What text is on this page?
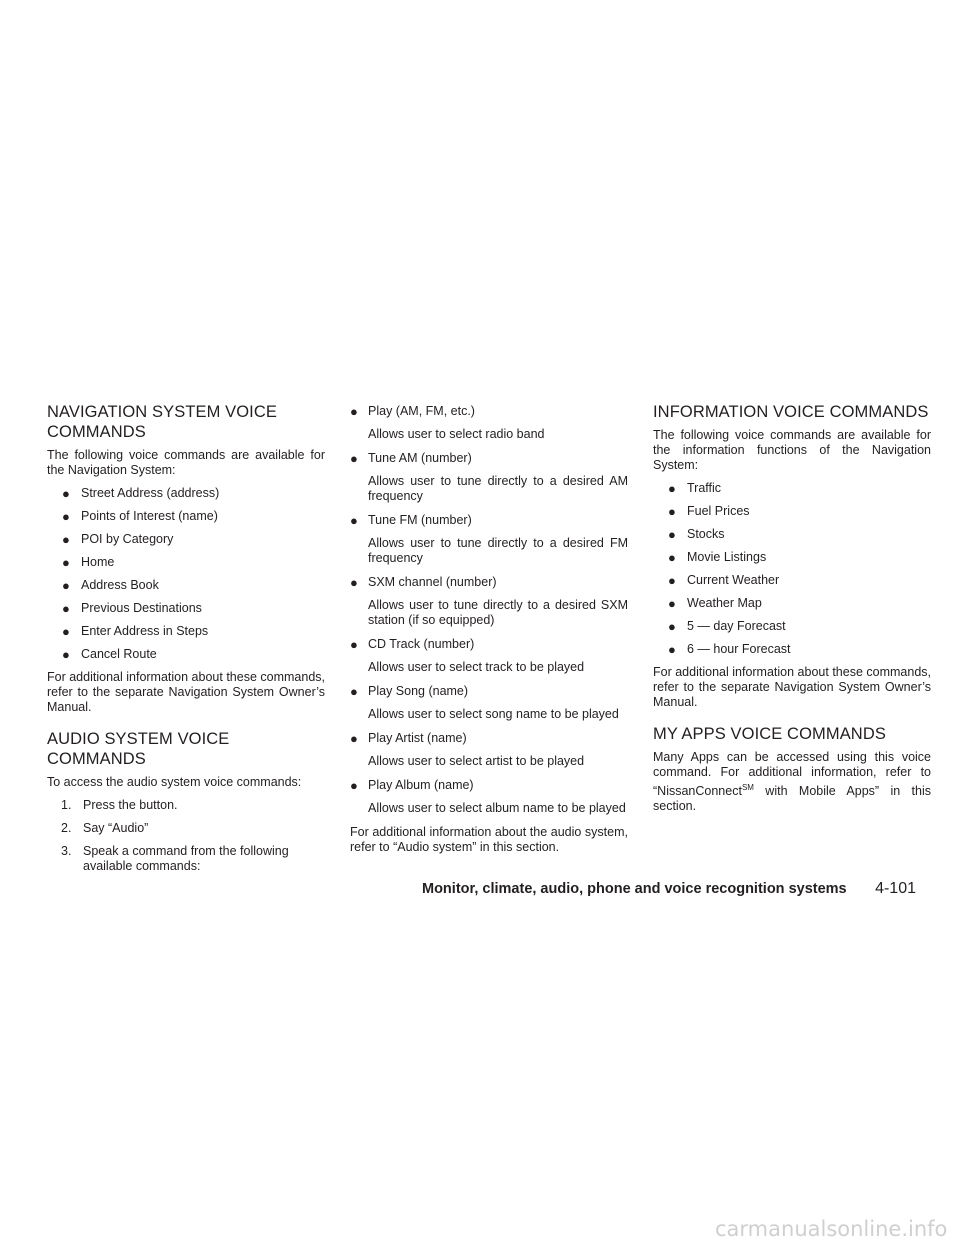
NAVIGATION SYSTEM VOICE
COMMANDS

The following voice commands are available for the Navigation System:

● Street Address (address)
● Points of Interest (name)
● POI by Category
● Home
● Address Book
● Previous Destinations
● Enter Address in Steps
● Cancel Route

For additional information about these commands, refer to the separate Navigation System Owner’s Manual.

AUDIO SYSTEM VOICE
COMMANDS

To access the audio system voice commands:

1. Press the button.
2. Say “Audio”
3. Speak a command from the following available commands:
● Play (AM, FM, etc.)
Allows user to select radio band
● Tune AM (number)
Allows user to tune directly to a desired AM frequency
● Tune FM (number)
Allows user to tune directly to a desired FM frequency
● SXM channel (number)
Allows user to tune directly to a desired SXM station (if so equipped)
● CD Track (number)
Allows user to select track to be played
● Play Song (name)
Allows user to select song name to be played
● Play Artist (name)
Allows user to select artist to be played
● Play Album (name)
Allows user to select album name to be played

For additional information about the audio system, refer to “Audio system” in this section.

INFORMATION VOICE COMMANDS

The following voice commands are available for the information functions of the Navigation System:

● Traffic
● Fuel Prices
● Stocks
● Movie Listings
● Current Weather
● Weather Map
● 5 — day Forecast
● 6 — hour Forecast

For additional information about these commands, refer to the separate Navigation System Owner’s Manual.

MY APPS VOICE COMMANDS

Many Apps can be accessed using this voice command. For additional information, refer to “NissanConnect℠ with Mobile Apps” in this section.

Monitor, climate, audio, phone and voice recognition systems 4-101
carmanualsonline.info
